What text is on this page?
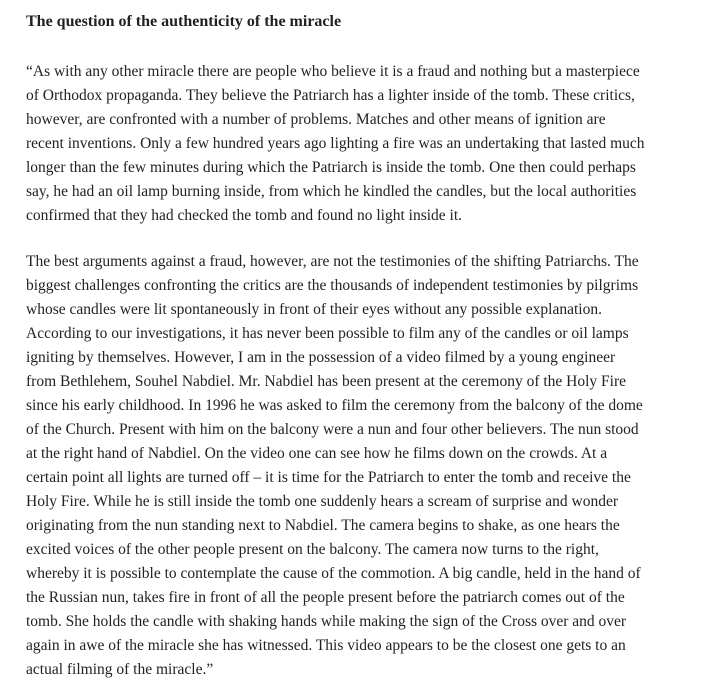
The question of the authenticity of the miracle
“As with any other miracle there are people who believe it is a fraud and nothing but a masterpiece
of Orthodox propaganda. They believe the Patriarch has a lighter inside of the tomb. These critics,
however, are confronted with a number of problems. Matches and other means of ignition are
recent inventions. Only a few hundred years ago lighting a fire was an undertaking that lasted much
longer than the few minutes during which the Patriarch is inside the tomb. One then could perhaps
say, he had an oil lamp burning inside, from which he kindled the candles, but the local authorities
confirmed that they had checked the tomb and found no light inside it.
The best arguments against a fraud, however, are not the testimonies of the shifting Patriarchs. The
biggest challenges confronting the critics are the thousands of independent testimonies by pilgrims
whose candles were lit spontaneously in front of their eyes without any possible explanation.
According to our investigations, it has never been possible to film any of the candles or oil lamps
igniting by themselves. However, I am in the possession of a video filmed by a young engineer
from Bethlehem, Souhel Nabdiel. Mr. Nabdiel has been present at the ceremony of the Holy Fire
since his early childhood. In 1996 he was asked to film the ceremony from the balcony of the dome
of the Church. Present with him on the balcony were a nun and four other believers. The nun stood
at the right hand of Nabdiel. On the video one can see how he films down on the crowds. At a
certain point all lights are turned off – it is time for the Patriarch to enter the tomb and receive the
Holy Fire. While he is still inside the tomb one suddenly hears a scream of surprise and wonder
originating from the nun standing next to Nabdiel. The camera begins to shake, as one hears the
excited voices of the other people present on the balcony. The camera now turns to the right,
whereby it is possible to contemplate the cause of the commotion. A big candle, held in the hand of
the Russian nun, takes fire in front of all the people present before the patriarch comes out of the
tomb. She holds the candle with shaking hands while making the sign of the Cross over and over
again in awe of the miracle she has witnessed. This video appears to be the closest one gets to an
actual filming of the miracle.”
